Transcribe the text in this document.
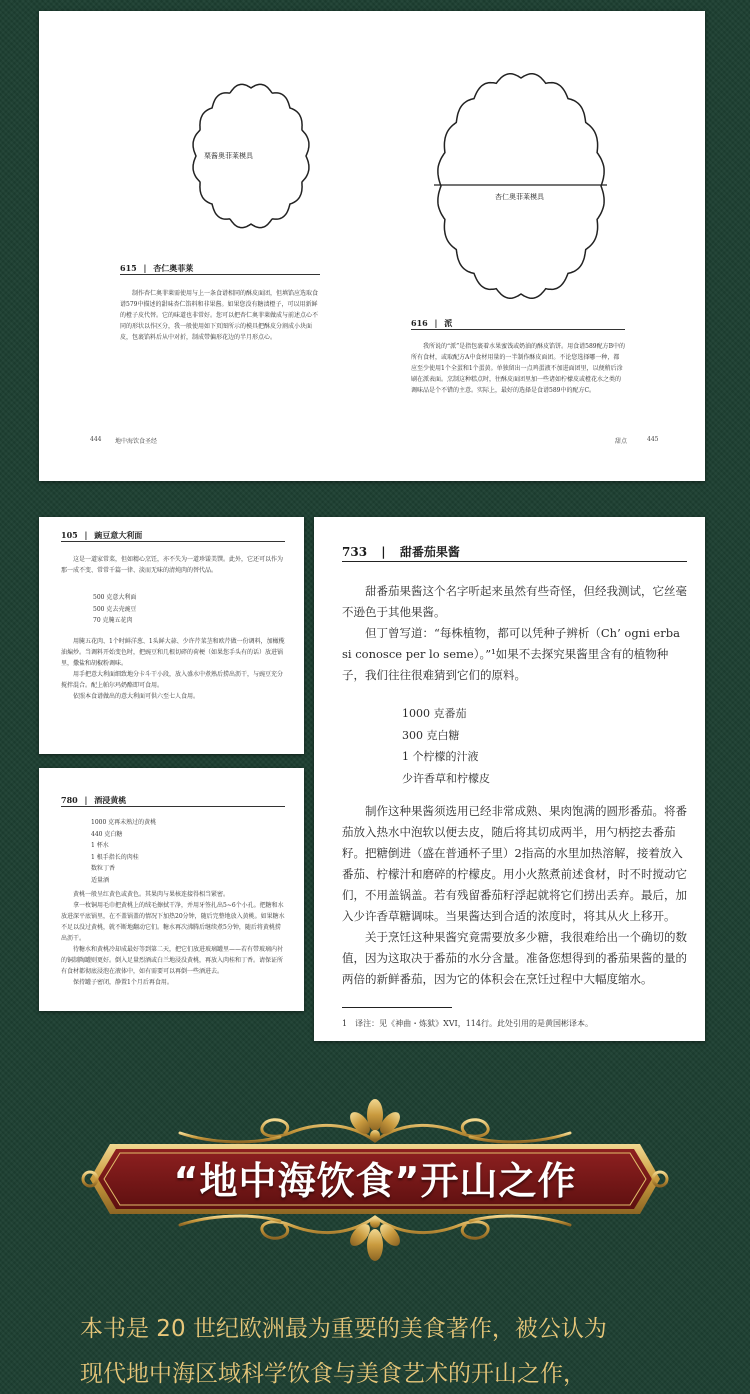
栗酱奥菲莱模具
杏仁奥菲莱模具
615 | 杏仁奥菲莱

制作杏仁奥菲莱需使用与上一条食谱相同的酥皮面团，但填馅应选取食谱579中描述的甜味杏仁馅料和非果酱。如果您没有糖渍橙子，可以用新鲜的橙子皮代替。它的味道也非常好。您可以把杏仁奥菲莱做成与前述点心不同的形状以作区分，我一般使用如下页图所示的模具把酥皮分割成小块面皮，包裹馅料后从中对折，制成带偏形花边的半月形点心。

616 | 派

我所说的“派”是指包裹着水果蜜饯或奶油的酥皮馅饼。用食谱589配方B中的所有食材，或取配方A中食材用量的一半制作酥皮面团。不论您选择哪一种，都应至少使用1个全蛋和1个蛋黄。单独留出一点鸡蛋液不加进面团里，以便稍后涂刷在派表面。烹制这种糕点时，往酥皮面团里加一些诸如柠檬皮或橙花水之类的调味品是个不错的主意。实际上，最好的选择是食谱589中的配方C。

444 地中海饮食圣经	甜点	445
105 | 豌豆意大利面

这是一道家常菜，但如精心烹饪，亦不失为一道珍馐美馔。此外，它还可以作为那一成不变、常常千篇一律、淡而无味的清炖肉的替代品。

500 克意大利面
500 克去壳豌豆
70 克腌五花肉

用腌五花肉、1个时鲜洋葱、1头鲜大蒜、少许芹菜茎和欧芹做一份调料，加橄榄油煸炒。当调料开始变色时，把豌豆和几根切碎的荷梗（如果您手头有的话）放进锅里，撒盐和胡椒粉调味。

用手把意大利面细致地分卡斗干小段，放入盛水中煮熟后捞出沥干，与豌豆充分搅拌混合。配上帕尔玛奶酪即可食用。

依照本食谱做出的意大利面可供六至七人食用。

780 | 酒浸黄桃
1000 克再未熟过的黄桃
440 克白糖
1 杯水
1 根手指长的肉桂
数粒丁香
适量酒

黄桃一般呈红黄色或黄色。其果肉与果核连接得相当紧密。

拿一枚铜用毛巾把黄桃上的绒毛擦拭干净，并用牙签扎出5~6个小孔。把糖和水放进深平底锅里，在不盖锅盖的情况下加热20分钟，随后完整地放入黄桃。如果糖水不足以没过黄桃，就不断地翻动它们。糖水再次沸腾后继续煮5分钟，随后将黄桃捞出沥干。

待糖水和黄桃冷却成最好等到第二天，把它们放进玻璃罐里——若有带玻璃内衬的铜制陶罐则更好。倒入足量烈酒或白兰地浸没黄桃，再放入肉桂和丁香。请保证所有食材都彻底浸泡在液体中，如有需要可以再倒一些酒进去。

保持罐子密闭，静置1个月后再食用。

733 | 甜番茄果酱

甜番茄果酱这个名字听起来虽然有些奇怪，但经我测试，它丝毫不逊色于其他果酱。

但丁曾写道：“每株植物，都可以凭种子辨析（Ch’ ogni erba si conosce per lo seme）。”¹如果不去探究果酱里含有的植物种子，我们往往很难猜到它们的原料。

1000 克番茄
300 克白糖
1 个柠檬的汁液
少许香草和柠檬皮

制作这种果酱须选用已经非常成熟、果肉饱满的圆形番茄。将番茄放入热水中泡软以便去皮，随后将其切成两半，用勺柄挖去番茄籽。把糖倒进（盛在普通杯子里）2指高的水里加热溶解，接着放入番茄、柠檬汁和磨碎的柠檬皮。用小火熬煮前述食材，时不时搅动它们，不用盖锅盖。若有残留番茄籽浮起就将它们捞出丢弃。最后，加入少许香草糖调味。当果酱达到合适的浓度时，将其从火上移开。

关于烹饪这种果酱究竟需要放多少糖，我很难给出一个确切的数值，因为这取决于番茄的水分含量。准备您想得到的番茄果酱的量的两倍的新鲜番茄，因为它的体积会在烹饪过程中大幅度缩水。

1　译注：见《神曲・炼狱》XVI，114行。此处引用的是黄国彬译本。
“地中海饮食”开山之作
本书是 20 世纪欧洲最为重要的美食著作，被公认为
现代地中海区域科学饮食与美食艺术的开山之作，
